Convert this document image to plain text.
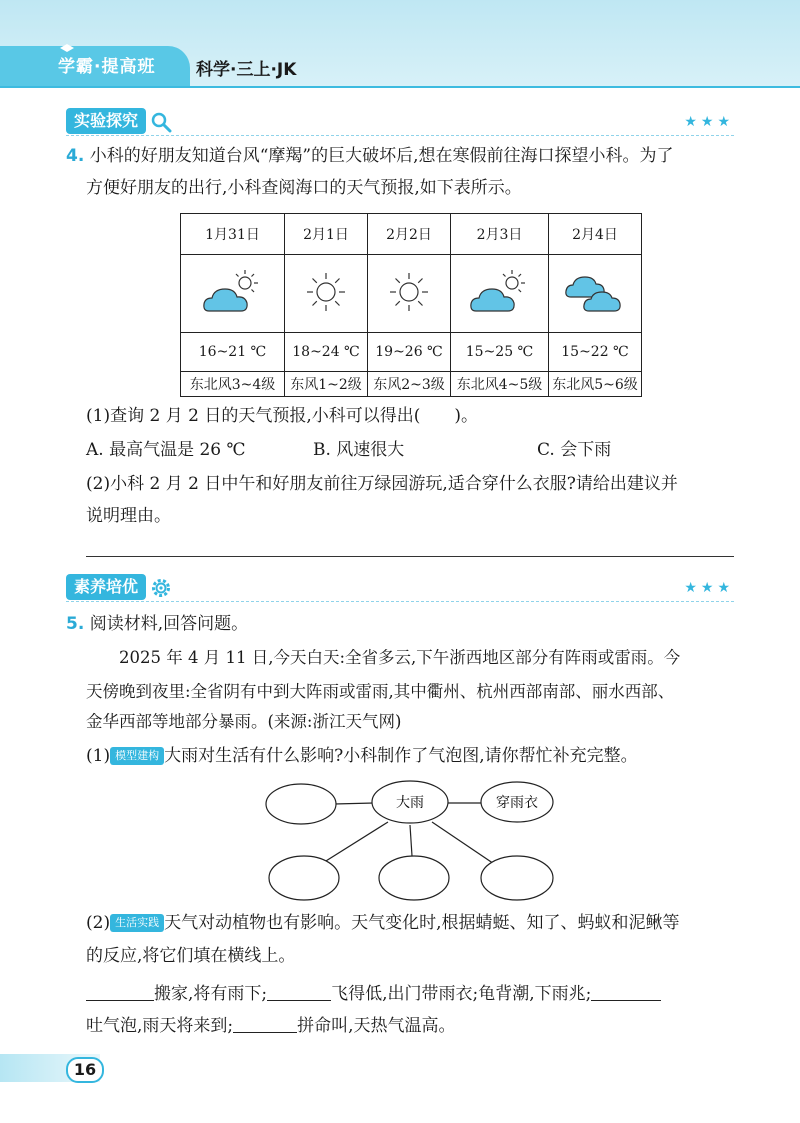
学霸·提高班 科学·三上·JK
实验探究	★★★
4. 小科的好朋友知道台风“摩羯”的巨大破坏后,想在寒假前往海口探望小科。为了
方便好朋友的出行,小科查阅海口的天气预报,如下表所示。
1月31日	2月1日	2月2日	2月3日	2月4日

16~21 ℃	18~24 ℃	19~26 ℃	15~25 ℃	15~22 ℃
东北风3~4级	东风1~2级	东风2~3级	东北风4~5级	东北风5~6级
(1)查询 2 月 2 日的天气预报,小科可以得出(　　)。
A. 最高气温是 26 ℃	B. 风速很大	C. 会下雨
(2)小科 2 月 2 日中午和好朋友前往万绿园游玩,适合穿什么衣服?请给出建议并
说明理由。
素养培优	★★★
5. 阅读材料,回答问题。
2025 年 4 月 11 日,今天白天:全省多云,下午浙西地区部分有阵雨或雷雨。今
天傍晚到夜里:全省阴有中到大阵雨或雷雨,其中衢州、杭州西部南部、丽水西部、
金华西部等地部分暴雨。(来源:浙江天气网)
(1) 模型建构 大雨对生活有什么影响?小科制作了气泡图,请你帮忙补充完整。
大雨	穿雨衣
(2) 生活实践 天气对动植物也有影响。天气变化时,根据蜻蜓、知了、蚂蚁和泥鳅等
的反应,将它们填在横线上。
搬家,将有雨下;	飞得低,出门带雨衣;龟背潮,下雨兆;
吐气泡,雨天将来到;	拼命叫,天热气温高。
16
